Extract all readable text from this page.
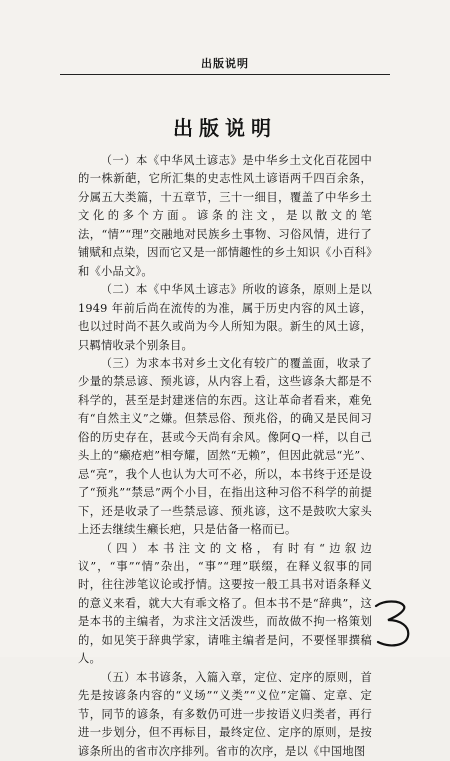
出版说明
出版说明

（一）本《中华风土谚志》是中华乡土文化百花园中的一株新葩，它所汇集的史志性风土谚语两千四百余条，分属五大类篇，十五章节，三十一细目，覆盖了中华乡土文化的多个方面。谚条的注文，是以散文的笔法，“情”“理”交融地对民族乡土事物、习俗风情，进行了铺赋和点染，因而它又是一部情趣性的乡土知识《小百科》和《小品文》。

（二）本《中华风土谚志》所收的谚条，原则上是以 1949 年前后尚在流传的为准，属于历史内容的风土谚，也以过时尚不甚久或尚为今人所知为限。新生的风土谚，只羁情收录个别条目。

（三）为求本书对乡土文化有较广的覆盖面，收录了少量的禁忌谚、预兆谚，从内容上看，这些谚条大都是不科学的，甚至是封建迷信的东西。这让革命者看来，难免有“自然主义”之嫌。但禁忌俗、预兆俗，的确又是民间习俗的历史存在，甚或今天尚有余风。像阿Q一样，以自己头上的“癞疮疤”相夸耀，固然“无赖”，但因此就忌“光”、忌“亮”，我个人也认为大可不必，所以，本书终于还是设了“预兆”“禁忌”两个小目，在指出这种习俗不科学的前提下，还是收录了一些禁忌谚、预兆谚，这不是鼓吹大家头上还去继续生癞长疤，只是估备一格而已。

（四）本书注文的文格，有时有“边叙边议”，“事”“情”杂出，“事”“理”联缀，在释义叙事的同时，往往涉笔议论或抒情。这要按一般工具书对语条释义的意义来看，就大大有乖文格了。但本书不是“辞典”，这是本书的主编者，为求注文活泼些，而故做不拘一格策划的，如见笑于辞典学家，请唯主编者是问，不要怪罪撰稿人。

（五）本书谚条，入篇入章，定位、定序的原则，首先是按谚条内容的“义场”“义类”“义位”定篇、定章、定节，同节的谚条，有多数仍可进一步按语义归类者，再行进一步划分，但不再标目，最终定位、定序的原则，是按谚条所出的省市次序排列。省市的次序，是以《中国地图
